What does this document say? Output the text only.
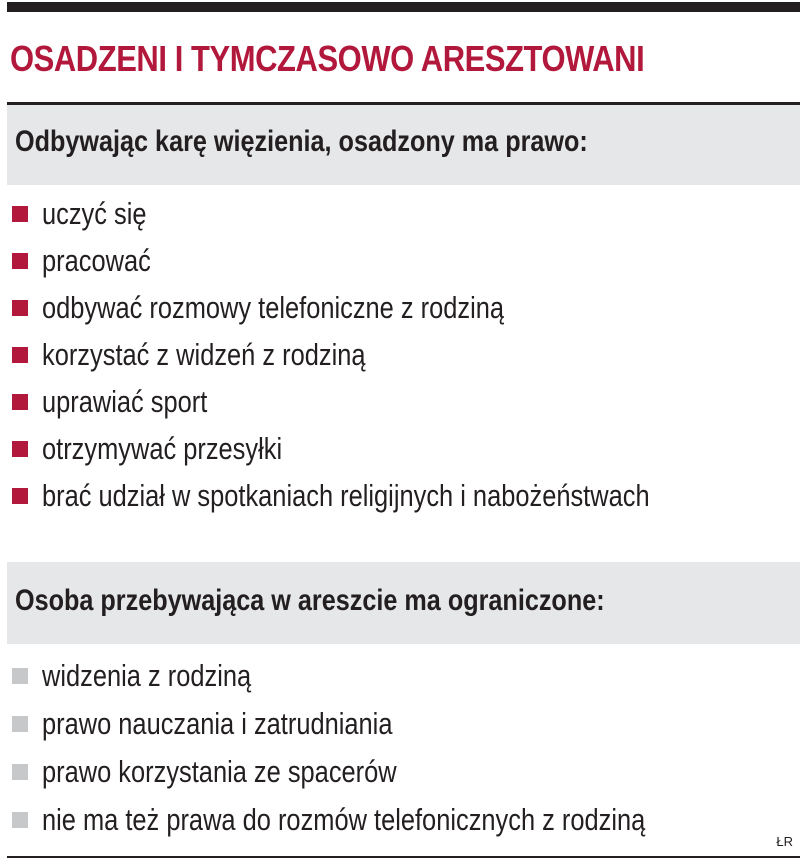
OSADZENI I TYMCZASOWO ARESZTOWANI
Odbywając karę więzienia, osadzony ma prawo:
uczyć się
pracować
odbywać rozmowy telefoniczne z rodziną
korzystać z widzeń z rodziną
uprawiać sport
otrzymywać przesyłki
brać udział w spotkaniach religijnych i nabożeństwach
Osoba przebywająca w areszcie ma ograniczone:
widzenia z rodziną
prawo nauczania i zatrudniania
prawo korzystania ze spacerów
nie ma też prawa do rozmów telefonicznych z rodziną
ŁR
